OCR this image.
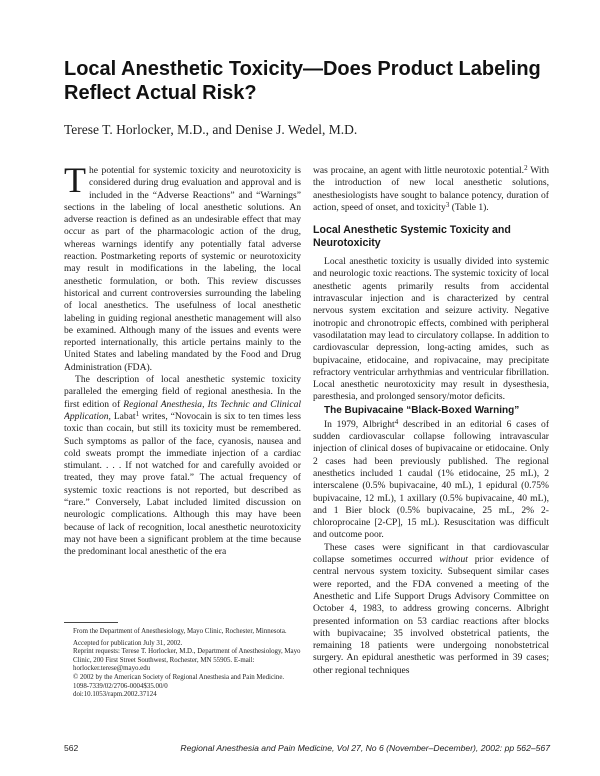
Local Anesthetic Toxicity—Does Product Labeling Reflect Actual Risk?

Terese T. Horlocker, M.D., and Denise J. Wedel, M.D.

The potential for systemic toxicity and neurotoxicity is considered during drug evaluation and approval and is included in the “Adverse Reactions” and “Warnings” sections in the labeling of local anesthetic solutions. An adverse reaction is defined as an undesirable effect that may occur as part of the pharmacologic action of the drug, whereas warnings identify any potentially fatal adverse reaction. Postmarketing reports of systemic or neurotoxicity may result in modifications in the labeling, the local anesthetic formulation, or both. This review discusses historical and current controversies surrounding the labeling of local anesthetics. The usefulness of local anesthetic labeling in guiding regional anesthetic management will also be examined. Although many of the issues and events were reported internationally, this article pertains mainly to the United States and labeling mandated by the Food and Drug Administration (FDA).

The description of local anesthetic systemic toxicity paralleled the emerging field of regional anesthesia. In the first edition of Regional Anesthesia, Its Technic and Clinical Application, Labat$^1$ writes, “Novocain is six to ten times less toxic than cocain, but still its toxicity must be remembered. Such symptoms as pallor of the face, cyanosis, nausea and cold sweats prompt the immediate injection of a cardiac stimulant. . . . If not watched for and carefully avoided or treated, they may prove fatal.” The actual frequency of systemic toxic reactions is not reported, but described as “rare.” Conversely, Labat included limited discussion on neurologic complications. Although this may have been because of lack of recognition, local anesthetic neurotoxicity may not have been a significant problem at the time because the predominant local anesthetic of the era

From the Department of Anesthesiology, Mayo Clinic, Rochester, Minnesota.

Accepted for publication July 31, 2002.

Reprint requests: Terese T. Horlocker, M.D., Department of Anesthesiology, Mayo Clinic, 200 First Street Southwest, Rochester, MN 55905. E-mail: horlocker.terese@mayo.edu

© 2002 by the American Society of Regional Anesthesia and Pain Medicine.

1098-7339/02/2706-0004$35.00/0

doi:10.1053/rapm.2002.37124

was procaine, an agent with little neurotoxic potential.$^2$ With the introduction of new local anesthetic solutions, anesthesiologists have sought to balance potency, duration of action, speed of onset, and toxicity$^3$ (Table 1).

Local Anesthetic Systemic Toxicity and Neurotoxicity

Local anesthetic toxicity is usually divided into systemic and neurologic toxic reactions. The systemic toxicity of local anesthetic agents primarily results from accidental intravascular injection and is characterized by central nervous system excitation and seizure activity. Negative inotropic and chronotropic effects, combined with peripheral vasodilatation may lead to circulatory collapse. In addition to cardiovascular depression, long-acting amides, such as bupivacaine, etidocaine, and ropivacaine, may precipitate refractory ventricular arrhythmias and ventricular fibrillation. Local anesthetic neurotoxicity may result in dysesthesia, paresthesia, and prolonged sensory/motor deficits.

The Bupivacaine “Black-Boxed Warning”

In 1979, Albright$^4$ described in an editorial 6 cases of sudden cardiovascular collapse following intravascular injection of clinical doses of bupivacaine or etidocaine. Only 2 cases had been previously published. The regional anesthetics included 1 caudal (1% etidocaine, 25 mL), 2 interscalene (0.5% bupivacaine, 40 mL), 1 epidural (0.75% bupivacaine, 12 mL), 1 axillary (0.5% bupivacaine, 40 mL), and 1 Bier block (0.5% bupivacaine, 25 mL, 2% 2-chloroprocaine [2-CP], 15 mL). Resuscitation was difficult and outcome poor.

These cases were significant in that cardiovascular collapse sometimes occurred without prior evidence of central nervous system toxicity. Subsequent similar cases were reported, and the FDA convened a meeting of the Anesthetic and Life Support Drugs Advisory Committee on October 4, 1983, to address growing concerns. Albright presented information on 53 cardiac reactions after blocks with bupivacaine; 35 involved obstetrical patients, the remaining 18 patients were undergoing nonobstetrical surgery. An epidural anesthetic was performed in 39 cases; other regional techniques

562	Regional Anesthesia and Pain Medicine, Vol 27, No 6 (November–December), 2002: pp 562–567
